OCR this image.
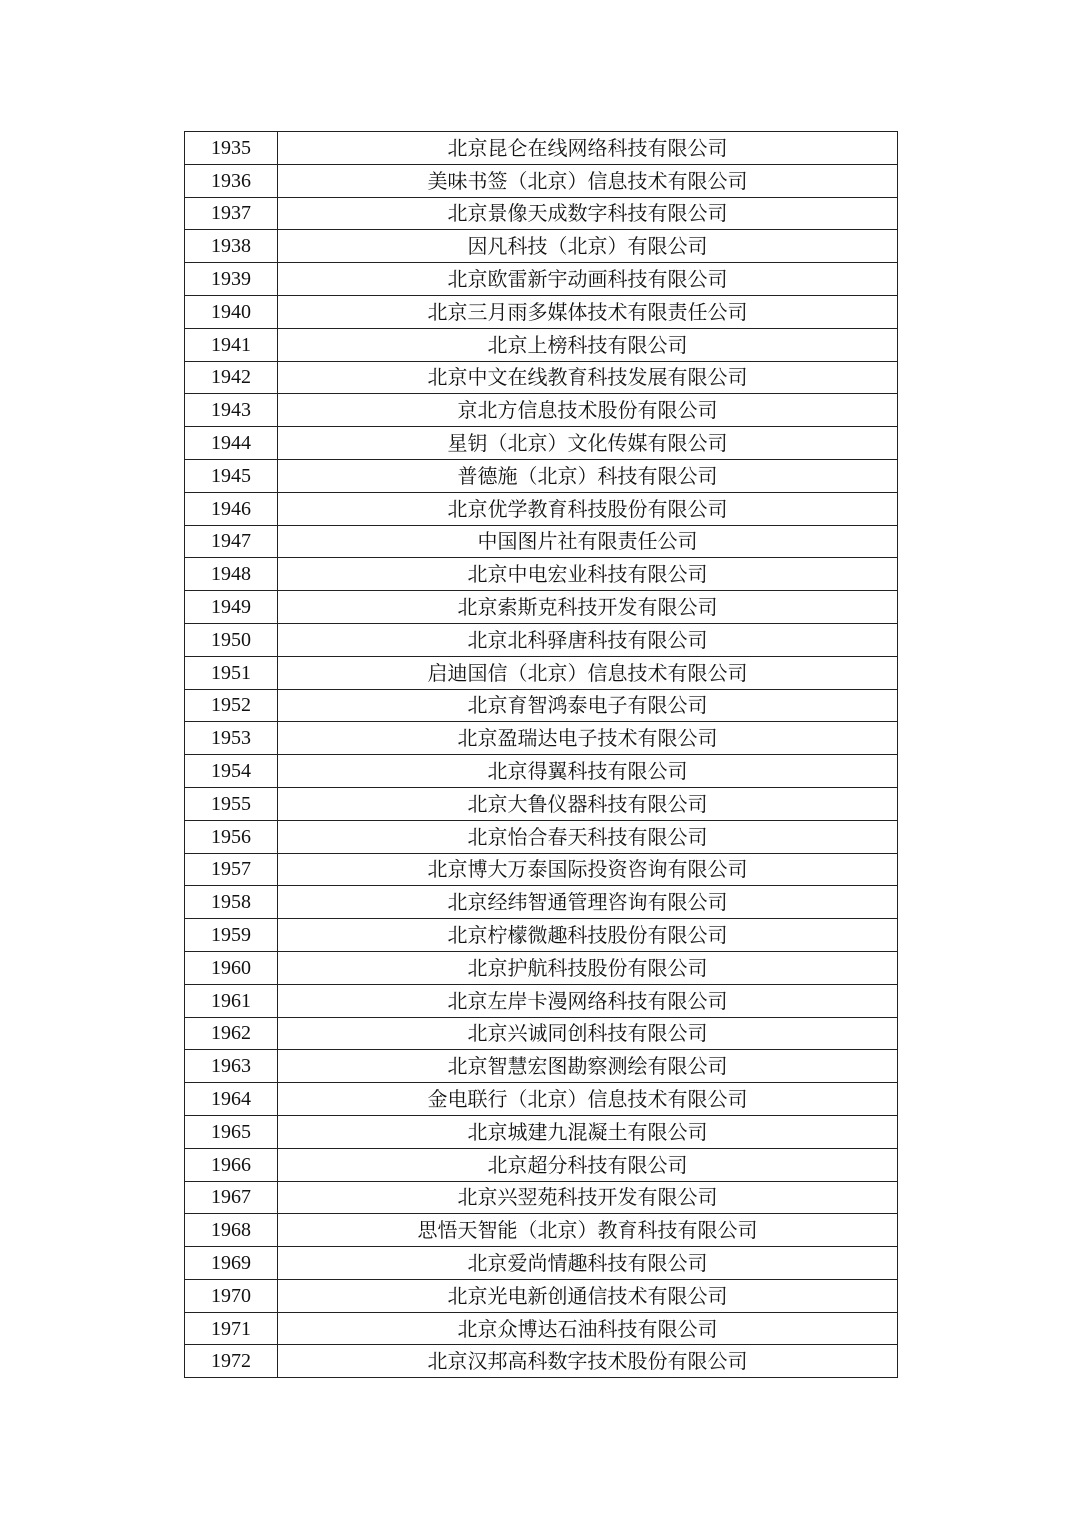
1935	北京昆仑在线网络科技有限公司
1936	美味书签（北京）信息技术有限公司
1937	北京景像天成数字科技有限公司
1938	因凡科技（北京）有限公司
1939	北京欧雷新宇动画科技有限公司
1940	北京三月雨多媒体技术有限责任公司
1941	北京上榜科技有限公司
1942	北京中文在线教育科技发展有限公司
1943	京北方信息技术股份有限公司
1944	星钥（北京）文化传媒有限公司
1945	普德施（北京）科技有限公司
1946	北京优学教育科技股份有限公司
1947	中国图片社有限责任公司
1948	北京中电宏业科技有限公司
1949	北京索斯克科技开发有限公司
1950	北京北科驿唐科技有限公司
1951	启迪国信（北京）信息技术有限公司
1952	北京育智鸿泰电子有限公司
1953	北京盈瑞达电子技术有限公司
1954	北京得翼科技有限公司
1955	北京大鲁仪器科技有限公司
1956	北京怡合春天科技有限公司
1957	北京博大万泰国际投资咨询有限公司
1958	北京经纬智通管理咨询有限公司
1959	北京柠檬微趣科技股份有限公司
1960	北京护航科技股份有限公司
1961	北京左岸卡漫网络科技有限公司
1962	北京兴诚同创科技有限公司
1963	北京智慧宏图勘察测绘有限公司
1964	金电联行（北京）信息技术有限公司
1965	北京城建九混凝土有限公司
1966	北京超分科技有限公司
1967	北京兴翌苑科技开发有限公司
1968	思悟天智能（北京）教育科技有限公司
1969	北京爱尚情趣科技有限公司
1970	北京光电新创通信技术有限公司
1971	北京众博达石油科技有限公司
1972	北京汉邦高科数字技术股份有限公司
